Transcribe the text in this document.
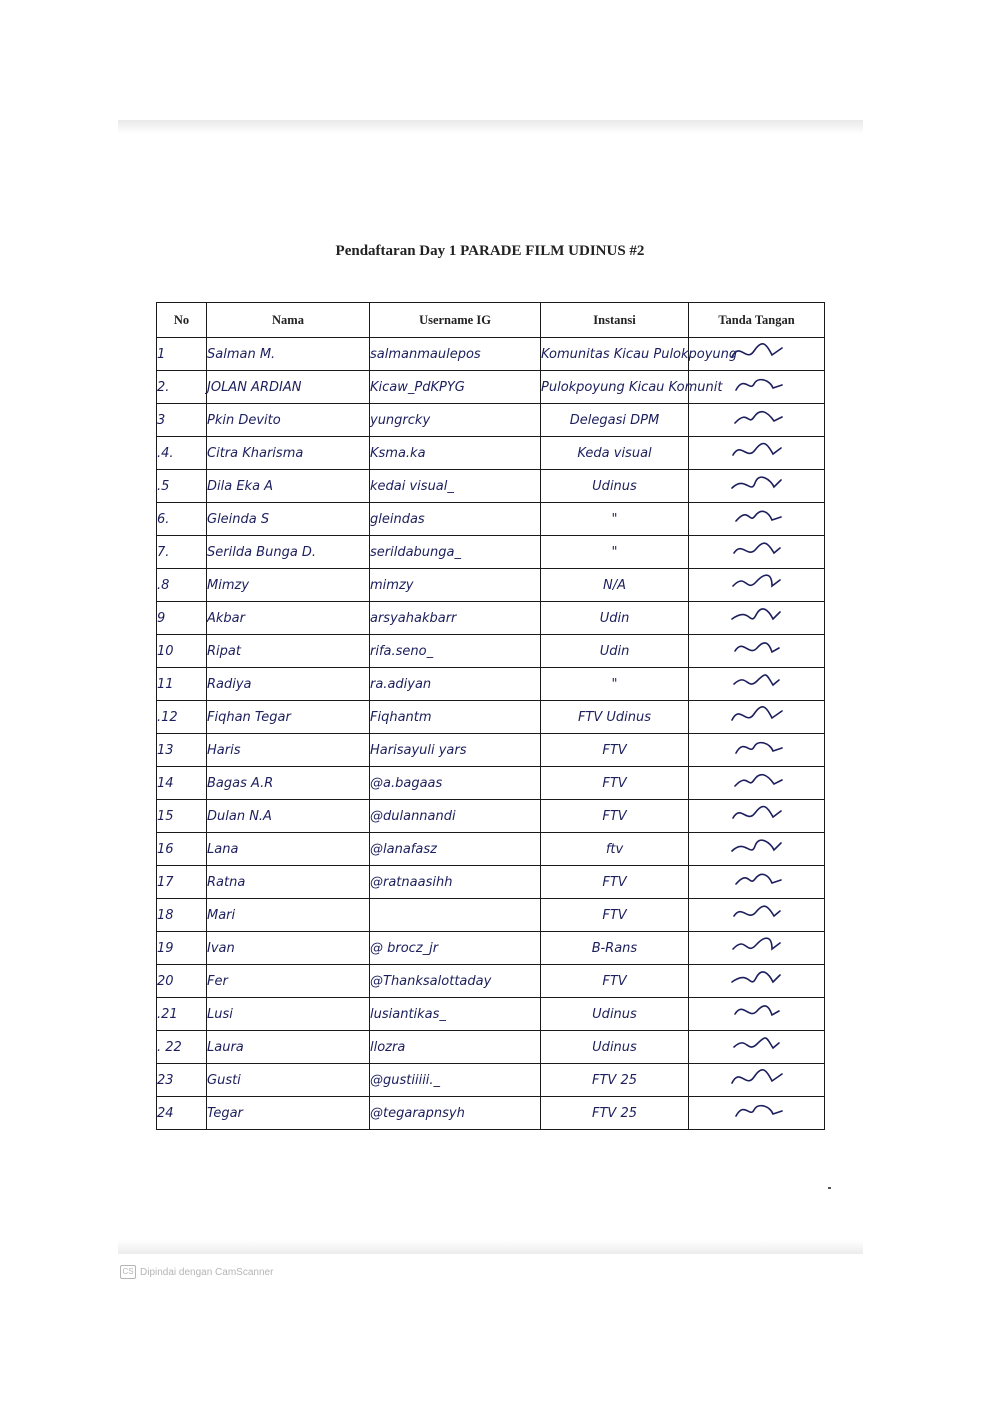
Pendaftaran Day 1 PARADE FILM UDINUS #2
No	Nama	Username IG	Instansi	Tanda Tangan
1	Salman M.	salmanmaulepos	Komunitas Kicau Pulokpoyung	
2.	JOLAN ARDIAN	Kicaw_PdKPYG	Pulokpoyung Kicau Komunit	
3	Pkin Devito	yungrcky	Delegasi DPM	
.4.	Citra Kharisma	Ksma.ka	Keda visual	
.5	Dila Eka A	kedai visual_	Udinus	
6.	Gleinda S	gleindas	"	
7.	Serilda Bunga D.	serildabunga_	"	
.8	Mimzy	mimzy	N/A	
9	Akbar	arsyahakbarr	Udin	
10	Ripat	rifa.seno_	Udin	
11	Radiya	ra.adiyan	"	
.12	Fiqhan Tegar	Fiqhantm	FTV Udinus	
13	Haris	Harisayuli yars	FTV	
14	Bagas A.R	@a.bagaas	FTV	
15	Dulan N.A	@dulannandi	FTV	
16	Lana	@lanafasz	ftv	
17	Ratna	@ratnaasihh	FTV	
18	Mari		FTV	
19	Ivan	@ brocz_jr	B-Rans	
20	Fer	@Thanksalottaday	FTV	
.21	Lusi	lusiantikas_	Udinus	
. 22	Laura	llozra	Udinus	
23	Gusti	@gustiiiii._	FTV 25	
24	Tegar	@tegarapnsyh	FTV 25	
CS Dipindai dengan CamScanner
